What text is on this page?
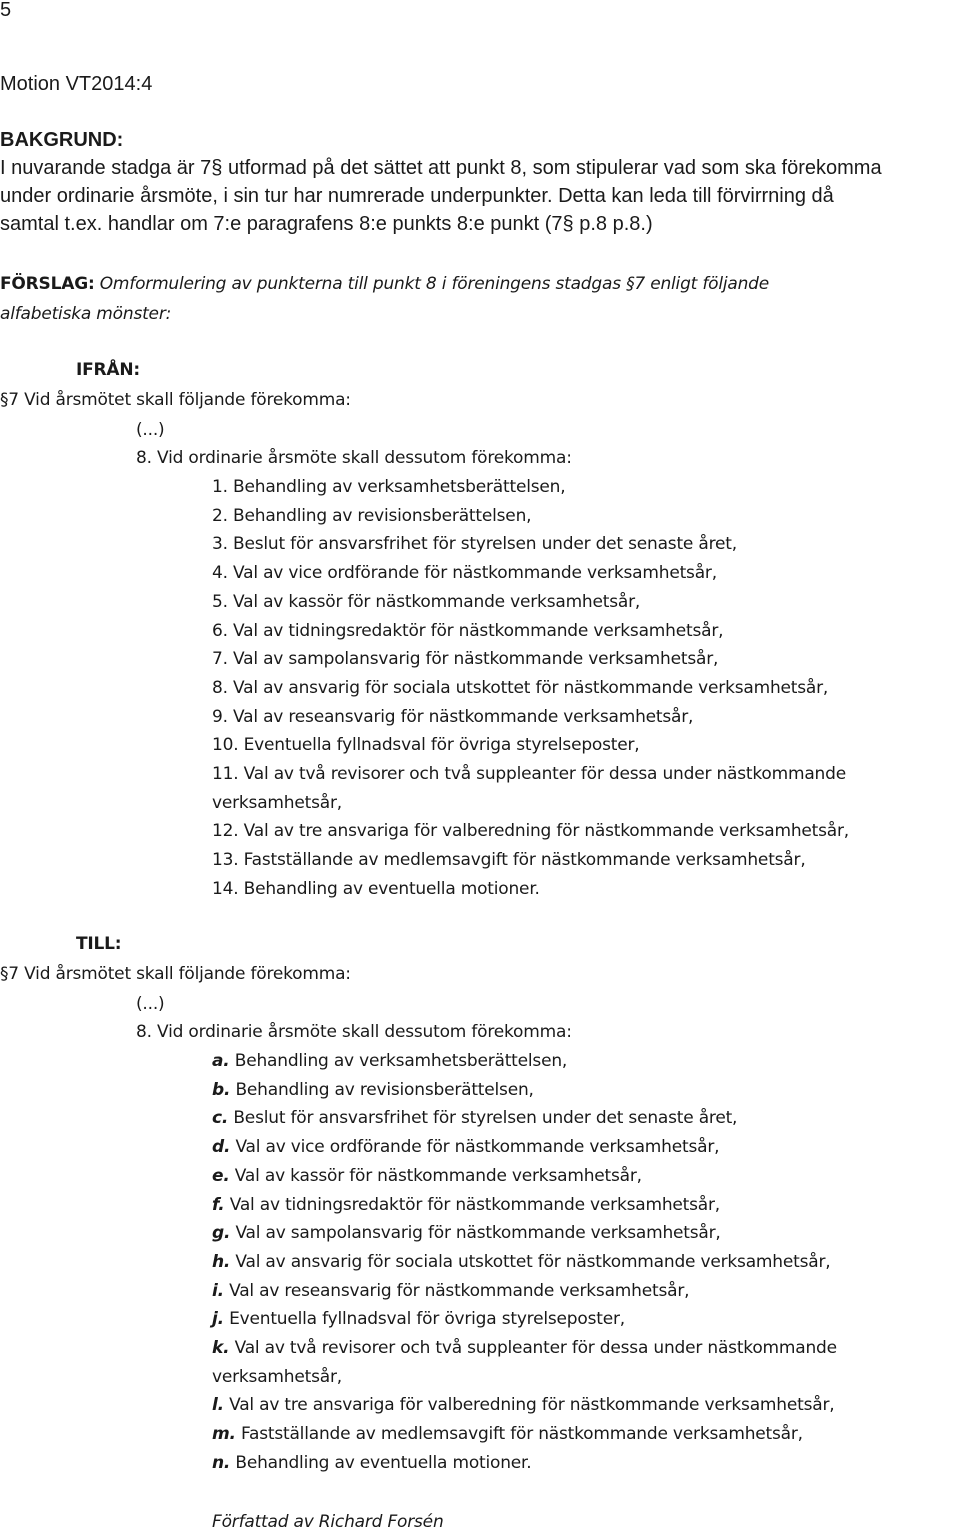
5
Motion VT2014:4
BAKGRUND:
I nuvarande stadga är 7§ utformad på det sättet att punkt 8, som stipulerar vad som ska förekomma
under ordinarie årsmöte, i sin tur har numrerade underpunkter. Detta kan leda till förvirrning då
samtal t.ex. handlar om 7:e paragrafens 8:e punkts 8:e punkt (7§ p.8 p.8.)
FÖRSLAG: Omformulering av punkterna till punkt 8 i föreningens stadgas §7 enligt följande
alfabetiska mönster:
IFRÅN:
§7 Vid årsmötet skall följande förekomma:
(...)
8. Vid ordinarie årsmöte skall dessutom förekomma:
1. Behandling av verksamhetsberättelsen,
2. Behandling av revisionsberättelsen,
3. Beslut för ansvarsfrihet för styrelsen under det senaste året,
4. Val av vice ordförande för nästkommande verksamhetsår,
5. Val av kassör för nästkommande verksamhetsår,
6. Val av tidningsredaktör för nästkommande verksamhetsår,
7. Val av sampolansvarig för nästkommande verksamhetsår,
8. Val av ansvarig för sociala utskottet för nästkommande verksamhetsår,
9. Val av reseansvarig för nästkommande verksamhetsår,
10. Eventuella fyllnadsval för övriga styrelseposter,
11. Val av två revisorer och två suppleanter för dessa under nästkommande
verksamhetsår,
12. Val av tre ansvariga för valberedning för nästkommande verksamhetsår,
13. Fastställande av medlemsavgift för nästkommande verksamhetsår,
14. Behandling av eventuella motioner.
TILL:
§7 Vid årsmötet skall följande förekomma:
(...)
8. Vid ordinarie årsmöte skall dessutom förekomma:
a. Behandling av verksamhetsberättelsen,
b. Behandling av revisionsberättelsen,
c. Beslut för ansvarsfrihet för styrelsen under det senaste året,
d. Val av vice ordförande för nästkommande verksamhetsår,
e. Val av kassör för nästkommande verksamhetsår,
f. Val av tidningsredaktör för nästkommande verksamhetsår,
g. Val av sampolansvarig för nästkommande verksamhetsår,
h. Val av ansvarig för sociala utskottet för nästkommande verksamhetsår,
i. Val av reseansvarig för nästkommande verksamhetsår,
j. Eventuella fyllnadsval för övriga styrelseposter,
k. Val av två revisorer och två suppleanter för dessa under nästkommande
verksamhetsår,
l. Val av tre ansvariga för valberedning för nästkommande verksamhetsår,
m. Fastställande av medlemsavgift för nästkommande verksamhetsår,
n. Behandling av eventuella motioner.
Författad av Richard Forsén
